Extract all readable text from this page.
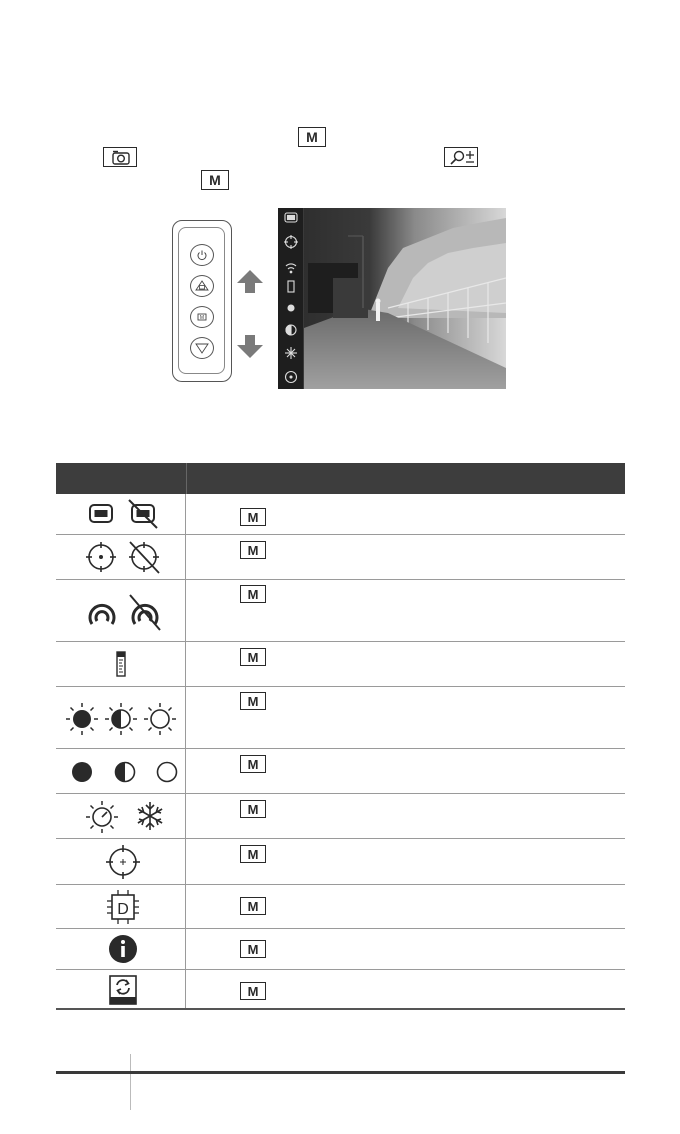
M
M
M
M
M
M
M
M
M
M
M
D	M
M
M
